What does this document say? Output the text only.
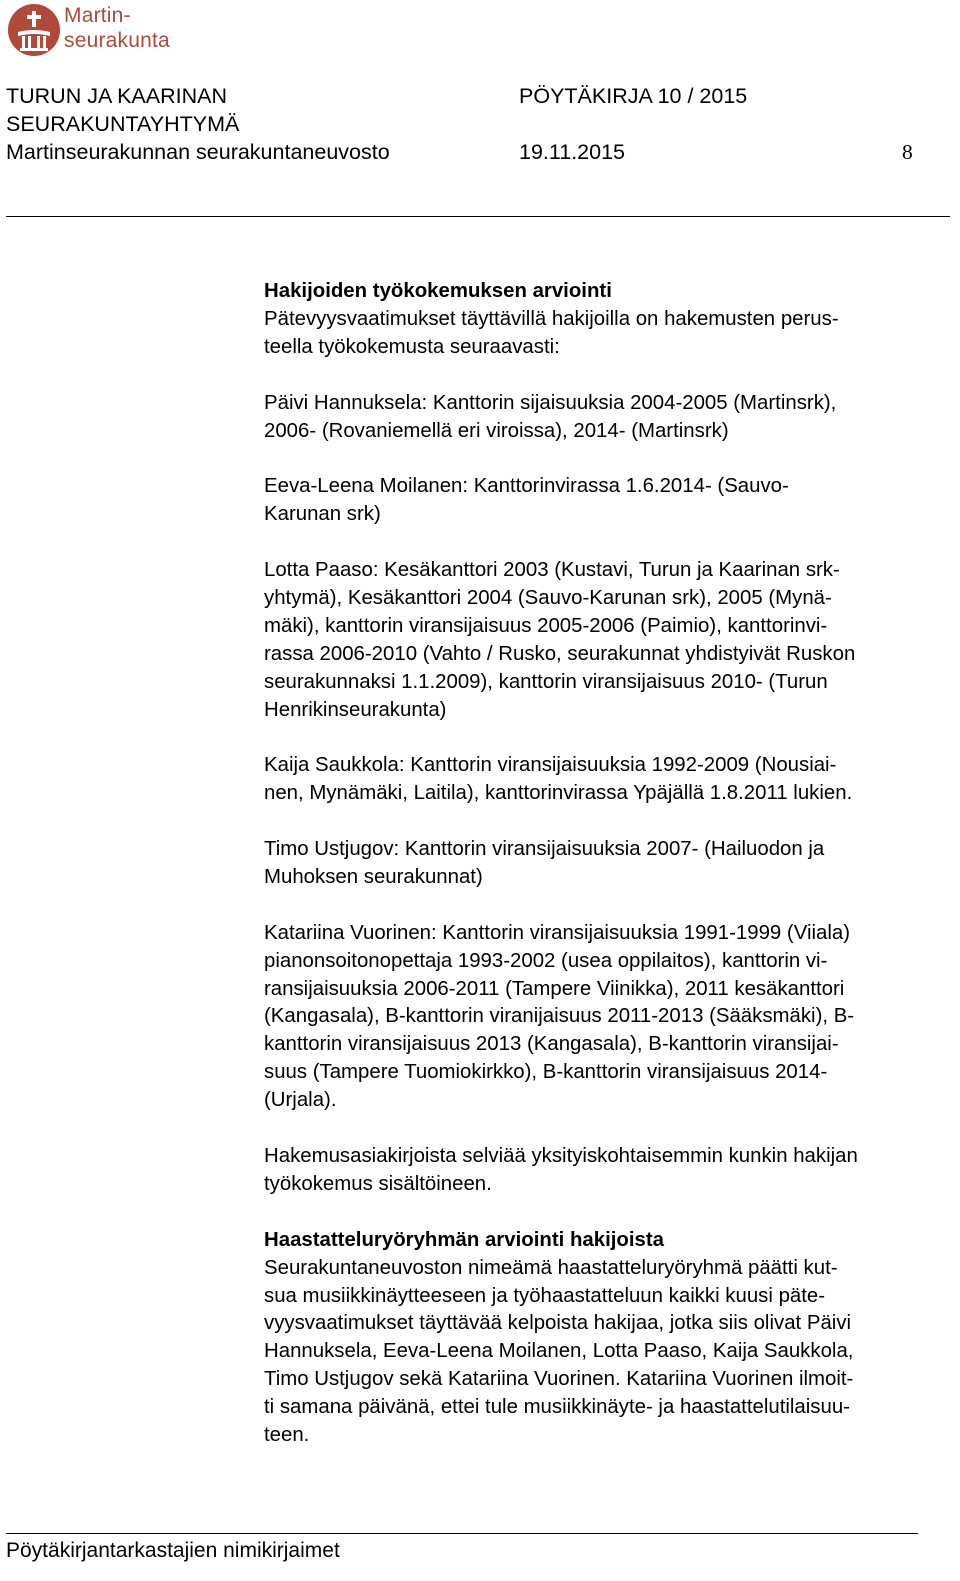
Martin-
seurakunta
TURUN JA KAARINAN
SEURAKUNTAYHTYMÄ
Martinseurakunnan seurakuntaneuvosto
PÖYTÄKIRJA 10 / 2015
19.11.2015	8
Hakijoiden työkokemuksen arviointi

Pätevyysvaatimukset täyttävillä hakijoilla on hakemusten perus-
teella työkokemusta seuraavasti:

Päivi Hannuksela: Kanttorin sijaisuuksia 2004-2005 (Martinsrk),
2006- (Rovaniemellä eri viroissa), 2014- (Martinsrk)

Eeva-Leena Moilanen: Kanttorinvirassa 1.6.2014- (Sauvo-
Karunan srk)

Lotta Paaso: Kesäkanttori 2003 (Kustavi, Turun ja Kaarinan srk-
yhtymä), Kesäkanttori 2004 (Sauvo-Karunan srk), 2005 (Mynä-
mäki), kanttorin viransijaisuus 2005-2006 (Paimio), kanttorinvi-
rassa 2006-2010 (Vahto / Rusko, seurakunnat yhdistyivät Ruskon
seurakunnaksi 1.1.2009), kanttorin viransijaisuus 2010- (Turun
Henrikinseurakunta)

Kaija Saukkola: Kanttorin viransijaisuuksia 1992-2009 (Nousiai-
nen, Mynämäki, Laitila), kanttorinvirassa Ypäjällä 1.8.2011 lukien.

Timo Ustjugov: Kanttorin viransijaisuuksia 2007- (Hailuodon ja
Muhoksen seurakunnat)

Katariina Vuorinen: Kanttorin viransijaisuuksia 1991-1999 (Viiala)
pianonsoitonopettaja 1993-2002 (usea oppilaitos), kanttorin vi-
ransijaisuuksia 2006-2011 (Tampere Viinikka), 2011 kesäkanttori
(Kangasala), B-kanttorin viranijaisuus 2011-2013 (Sääksmäki), B-
kanttorin viransijaisuus 2013 (Kangasala), B-kanttorin viransijai-
suus (Tampere Tuomiokirkko), B-kanttorin viransijaisuus 2014-
(Urjala).

Hakemusasiakirjoista selviää yksityiskohtaisemmin kunkin hakijan
työkokemus sisältöineen.

Haastatteluryöryhmän arviointi hakijoista

Seurakuntaneuvoston nimeämä haastatteluryöryhmä päätti kut-
sua musiikkinäytteeseen ja työhaastatteluun kaikki kuusi päte-
vyysvaatimukset täyttävää kelpoista hakijaa, jotka siis olivat Päivi
Hannuksela, Eeva-Leena Moilanen, Lotta Paaso, Kaija Saukkola,
Timo Ustjugov sekä Katariina Vuorinen. Katariina Vuorinen ilmoit-
ti samana päivänä, ettei tule musiikkinäyte- ja haastattelutilaisuu-
teen.

Pöytäkirjantarkastajien nimikirjaimet
